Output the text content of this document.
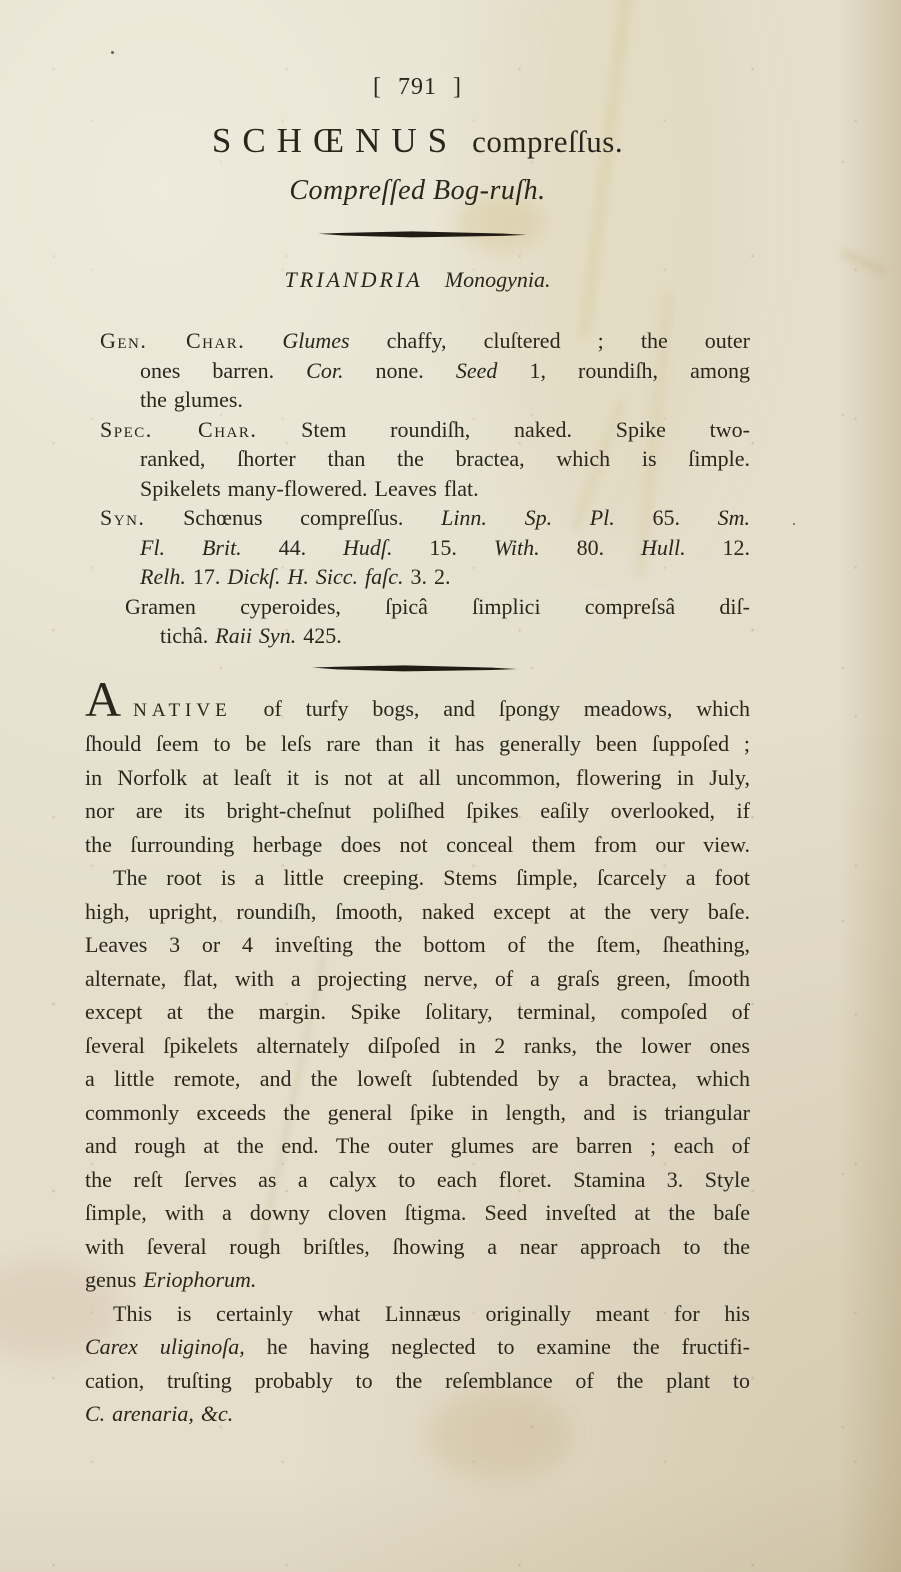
[ 791 ]
SCHŒNUS compreſſus.
Compreſſed Bog-ruſh.
TRIANDRIA Monogynia.
Gen. Char. Glumes chaffy, cluſtered ; the outer
ones barren. Cor. none. Seed 1, roundiſh, among
the glumes.
Spec. Char. Stem roundiſh, naked. Spike two-
ranked, ſhorter than the bractea, which is ſimple.
Spikelets many-flowered. Leaves flat.
Syn. Schœnus compreſſus. Linn. Sp. Pl. 65. Sm.
Fl. Brit. 44. Hudſ. 15. With. 80. Hull. 12.
Relh. 17. Dickſ. H. Sicc. faſc. 3. 2.
Gramen cyperoides, ſpicâ ſimplici compreſsâ diſ-
tichâ. Raii Syn. 425.
ANATIVE of turfy bogs, and ſpongy meadows, which
ſhould ſeem to be leſs rare than it has generally been ſuppoſed ;
in Norfolk at leaſt it is not at all uncommon, flowering in July,
nor are its bright-cheſnut poliſhed ſpikes eaſily overlooked, if
the ſurrounding herbage does not conceal them from our view.
The root is a little creeping. Stems ſimple, ſcarcely a foot
high, upright, roundiſh, ſmooth, naked except at the very baſe.
Leaves 3 or 4 inveſting the bottom of the ſtem, ſheathing,
alternate, flat, with a projecting nerve, of a graſs green, ſmooth
except at the margin. Spike ſolitary, terminal, compoſed of
ſeveral ſpikelets alternately diſpoſed in 2 ranks, the lower ones
a little remote, and the loweſt ſubtended by a bractea, which
commonly exceeds the general ſpike in length, and is triangular
and rough at the end. The outer glumes are barren ; each of
the reſt ſerves as a calyx to each floret. Stamina 3. Style
ſimple, with a downy cloven ſtigma. Seed inveſted at the baſe
with ſeveral rough briſtles, ſhowing a near approach to the
genus Eriophorum.
This is certainly what Linnæus originally meant for his
Carex uliginoſa, he having neglected to examine the fructifi-
cation, truſting probably to the reſemblance of the plant to
C. arenaria, &c.
